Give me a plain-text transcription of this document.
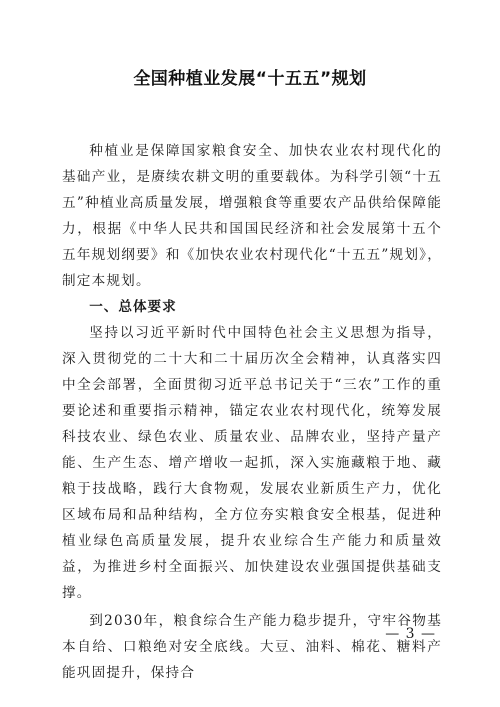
全国种植业发展“十五五”规划

种植业是保障国家粮食安全、加快农业农村现代化的基础产业，是赓续农耕文明的重要载体。为科学引领“十五五”种植业高质量发展，增强粮食等重要农产品供给保障能力，根据《中华人民共和国国民经济和社会发展第十五个五年规划纲要》和《加快农业农村现代化“十五五”规划》，制定本规划。

一、总体要求

坚持以习近平新时代中国特色社会主义思想为指导，深入贯彻党的二十大和二十届历次全会精神，认真落实四中全会部署，全面贯彻习近平总书记关于“三农”工作的重要论述和重要指示精神，锚定农业农村现代化，统筹发展科技农业、绿色农业、质量农业、品牌农业，坚持产量产能、生产生态、增产增收一起抓，深入实施藏粮于地、藏粮于技战略，践行大食物观，发展农业新质生产力，优化区域布局和品种结构，全方位夯实粮食安全根基，促进种植业绿色高质量发展，提升农业综合生产能力和质量效益，为推进乡村全面振兴、加快建设农业强国提供基础支撑。

到2030年，粮食综合生产能力稳步提升，守牢谷物基本自给、口粮绝对安全底线。大豆、油料、棉花、糖料产能巩固提升，保持合

— 3 —
